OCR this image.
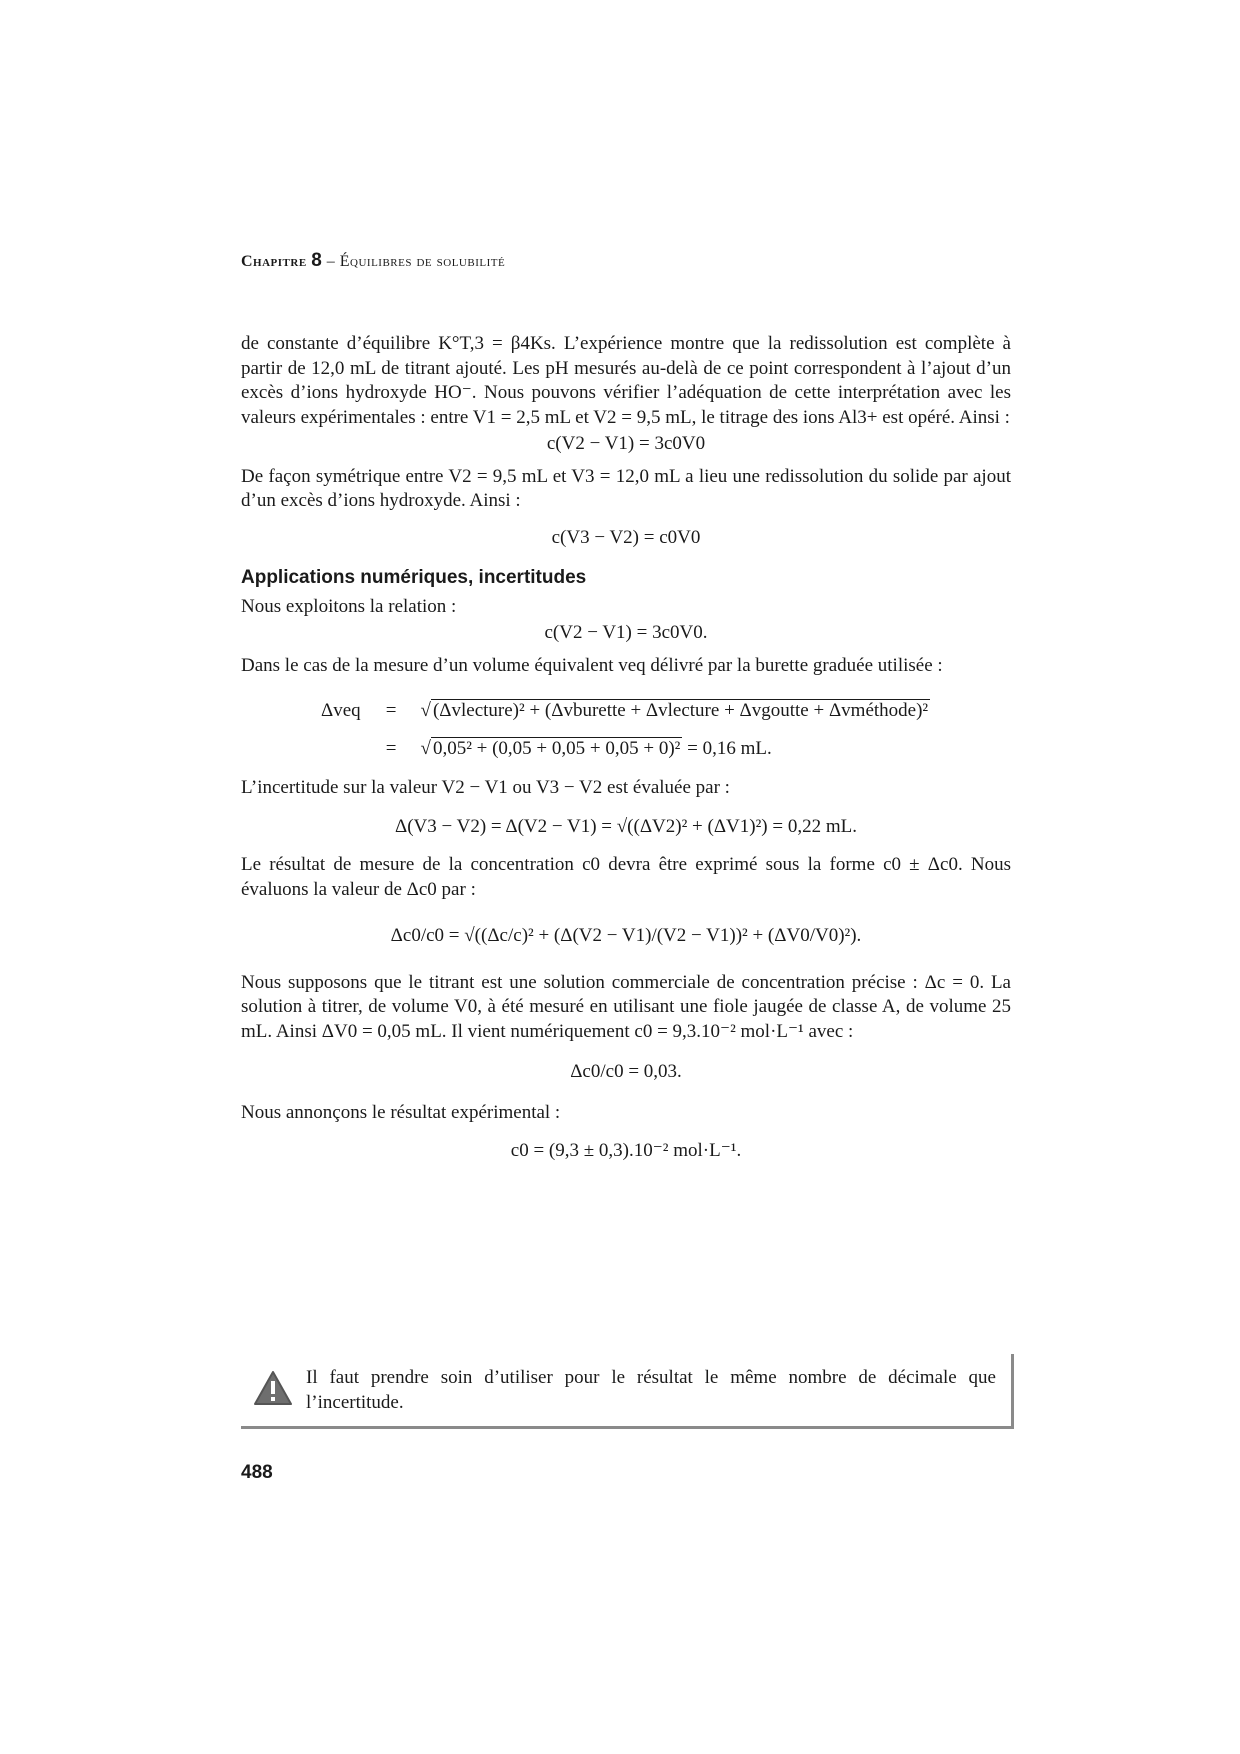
Chapitre 8 – Équilibres de solubilité

de constante d’équilibre K°T,3 = β4Ks. L’expérience montre que la redissolution est complète à partir de 12,0 mL de titrant ajouté. Les pH mesurés au-delà de ce point correspondent à l’ajout d’un excès d’ions hydroxyde HO⁻. Nous pouvons vérifier l’adéquation de cette interprétation avec les valeurs expérimentales : entre V1 = 2,5 mL et V2 = 9,5 mL, le titrage des ions Al3+ est opéré. Ainsi :

c(V2 − V1) = 3c0V0

De façon symétrique entre V2 = 9,5 mL et V3 = 12,0 mL a lieu une redissolution du solide par ajout d’un excès d’ions hydroxyde. Ainsi :

c(V3 − V2) = c0V0

Applications numériques, incertitudes

Nous exploitons la relation :

c(V2 − V1) = 3c0V0.

Dans le cas de la mesure d’un volume équivalent veq délivré par la burette graduée utilisée :

Δveq = √ (Δvlecture)² + (Δvburette + Δvlecture + Δvgoutte + Δvméthode)²
= √ 0,05² + (0,05 + 0,05 + 0,05 + 0)² = 0,16 mL.

L’incertitude sur la valeur V2 − V1 ou V3 − V2 est évaluée par :

Δ(V3 − V2) = Δ(V2 − V1) = √((ΔV2)² + (ΔV1)²) = 0,22 mL.

Le résultat de mesure de la concentration c0 devra être exprimé sous la forme c0 ± Δc0. Nous évaluons la valeur de Δc0 par :

Δc0/c0 = √((Δc/c)² + (Δ(V2 − V1)/(V2 − V1))² + (ΔV0/V0)²).

Nous supposons que le titrant est une solution commerciale de concentration précise : Δc = 0. La solution à titrer, de volume V0, à été mesuré en utilisant une fiole jaugée de classe A, de volume 25 mL. Ainsi ΔV0 = 0,05 mL. Il vient numériquement c0 = 9,3.10⁻² mol·L⁻¹ avec :

Δc0/c0 = 0,03.

Nous annonçons le résultat expérimental :

c0 = (9,3 ± 0,3).10⁻² mol·L⁻¹.

Il faut prendre soin d’utiliser pour le résultat le même nombre de décimale que l’incertitude.
488
